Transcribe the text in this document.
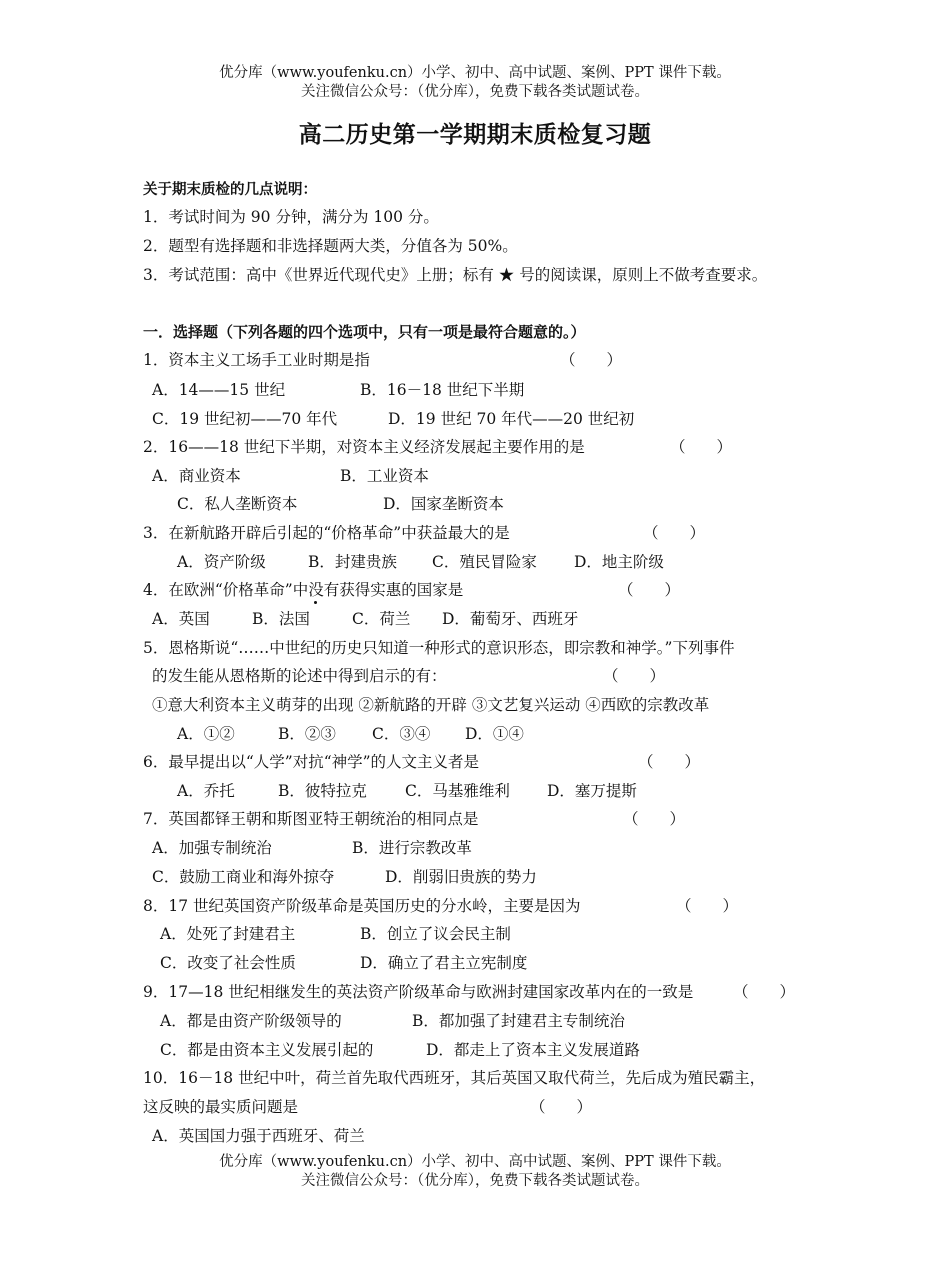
优分库（www.youfenku.cn）小学、初中、高中试题、案例、PPT 课件下载。
关注微信公众号：（优分库），免费下载各类试题试卷。
高二历史第一学期期末质检复习题
关于期末质检的几点说明：
1．考试时间为 90 分钟，满分为 100 分。
2．题型有选择题和非选择题两大类，分值各为 50%。
3．考试范围：高中《世界近代现代史》上册；标有 ★ 号的阅读课，原则上不做考查要求。
一．选择题（下列各题的四个选项中，只有一项是最符合题意的。）
1．资本主义工场手工业时期是指	（　　）
A．14——15 世纪	B．16－18 世纪下半期
C．19 世纪初——70 年代	D．19 世纪 70 年代——20 世纪初
2．16——18 世纪下半期，对资本主义经济发展起主要作用的是	（　　）
A．商业资本	B．工业资本
C．私人垄断资本	D．国家垄断资本
3．在新航路开辟后引起的“价格革命”中获益最大的是	（　　）
A．资产阶级	B．封建贵族 C．殖民冒险家 D．地主阶级
4．在欧洲“价格革命”中没有获得实惠的国家是	（　　）
A．英国	B．法国	C．荷兰 D．葡萄牙、西班牙
5．恩格斯说“……中世纪的历史只知道一种形式的意识形态，即宗教和神学。”下列事件
的发生能从恩格斯的论述中得到启示的有：	（　　）
①意大利资本主义萌芽的出现 ②新航路的开辟 ③文艺复兴运动 ④西欧的宗教改革
A．①②	B．②③ C．③④ D．①④
6．最早提出以“人学”对抗“神学”的人文主义者是	（　　）
A．乔托	B．彼特拉克 C．马基雅维利 D．塞万提斯
7．英国都铎王朝和斯图亚特王朝统治的相同点是	（　　）
A．加强专制统治	B．进行宗教改革
C．鼓励工商业和海外掠夺	D．削弱旧贵族的势力
8．17 世纪英国资产阶级革命是英国历史的分水岭，主要是因为	（　　）
A．处死了封建君主	B．创立了议会民主制
C．改变了社会性质	D．确立了君主立宪制度
9．17—18 世纪相继发生的英法资产阶级革命与欧洲封建国家改革内在的一致是	（　　）
A．都是由资产阶级领导的	B．都加强了封建君主专制统治
C．都是由资本主义发展引起的	D．都走上了资本主义发展道路
10．16－18 世纪中叶，荷兰首先取代西班牙，其后英国又取代荷兰，先后成为殖民霸主，
这反映的最实质问题是	（　　）
A．英国国力强于西班牙、荷兰
优分库（www.youfenku.cn）小学、初中、高中试题、案例、PPT 课件下载。
关注微信公众号：（优分库），免费下载各类试题试卷。
